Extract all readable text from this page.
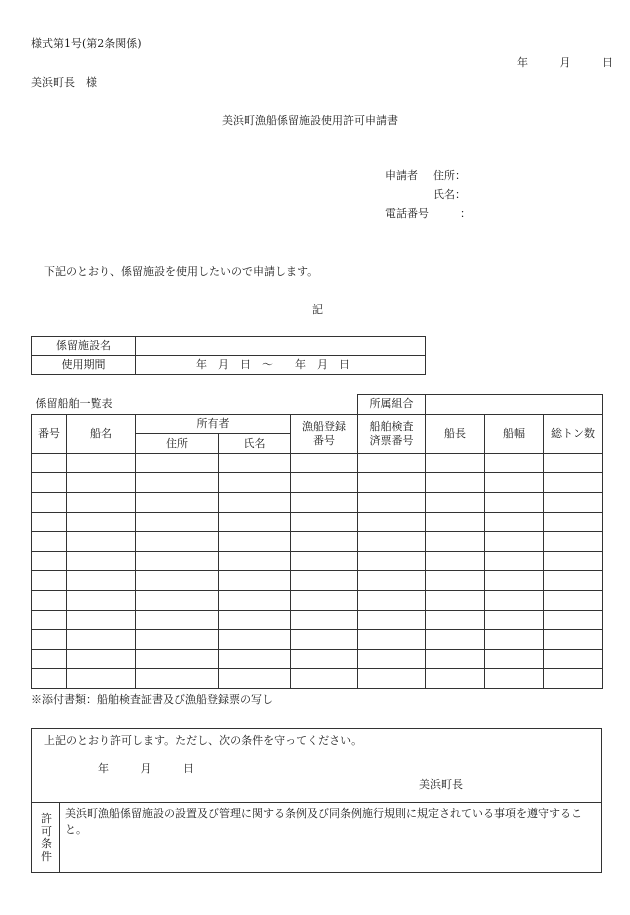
様式第1号(第2条関係)
年	月	日
美浜町長　様
美浜町漁船係留施設使用許可申請書
申請者 住所：
氏名：
電話番号	：
下記のとおり、係留施設を使用したいので申請します。
記
係留施設名	
使用期間	年　月　日　〜　　年　月　日
係留船舶一覧表					所属組合			
番号	船名	所有者		漁船登録番号	船舶検査済票番号	船長	船幅	総トン数
		住所	氏名					

※添付書類：船舶検査証書及び漁船登録票の写し
上記のとおり許可します。ただし、次の条件を守ってください。
年	月	日
美浜町長
許可条件
美浜町漁船係留施設の設置及び管理に関する条例及び同条例施行規則に規定されている事項を遵守すること。
